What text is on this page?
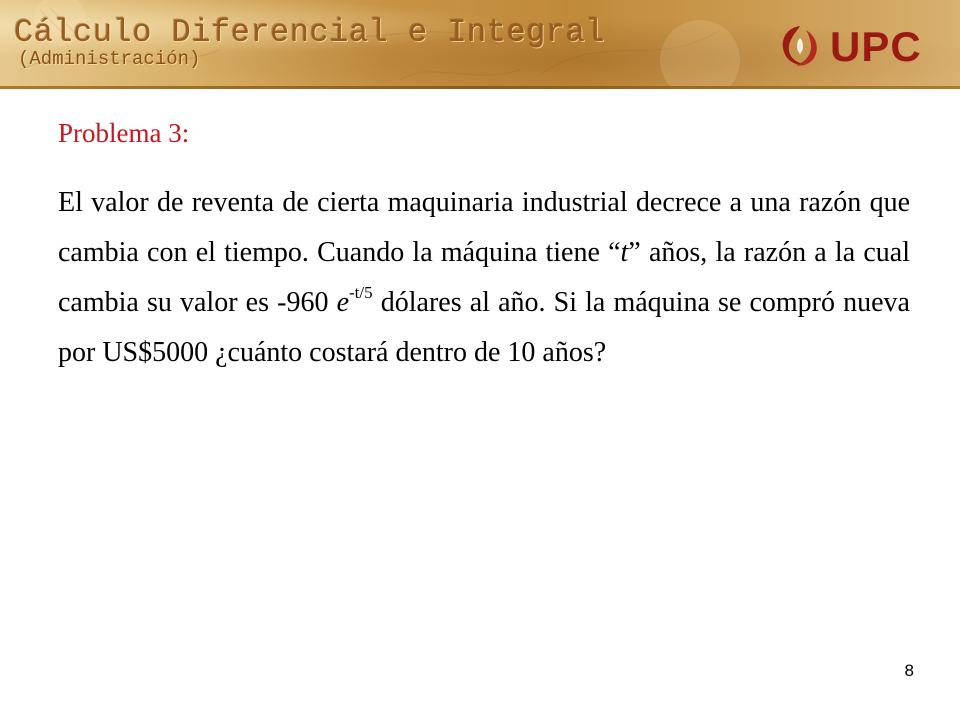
Cálculo Diferencial e Integral
(Administración)	UPC
Problema 3:
El valor de reventa de cierta maquinaria industrial decrece a una razón que cambia con el tiempo. Cuando la máquina tiene “t” años, la razón a la cual cambia su valor es -960 $e^{-t/5}$ dólares al año. Si la máquina se compró nueva por US$5000 ¿cuánto costará dentro de 10 años?
8
